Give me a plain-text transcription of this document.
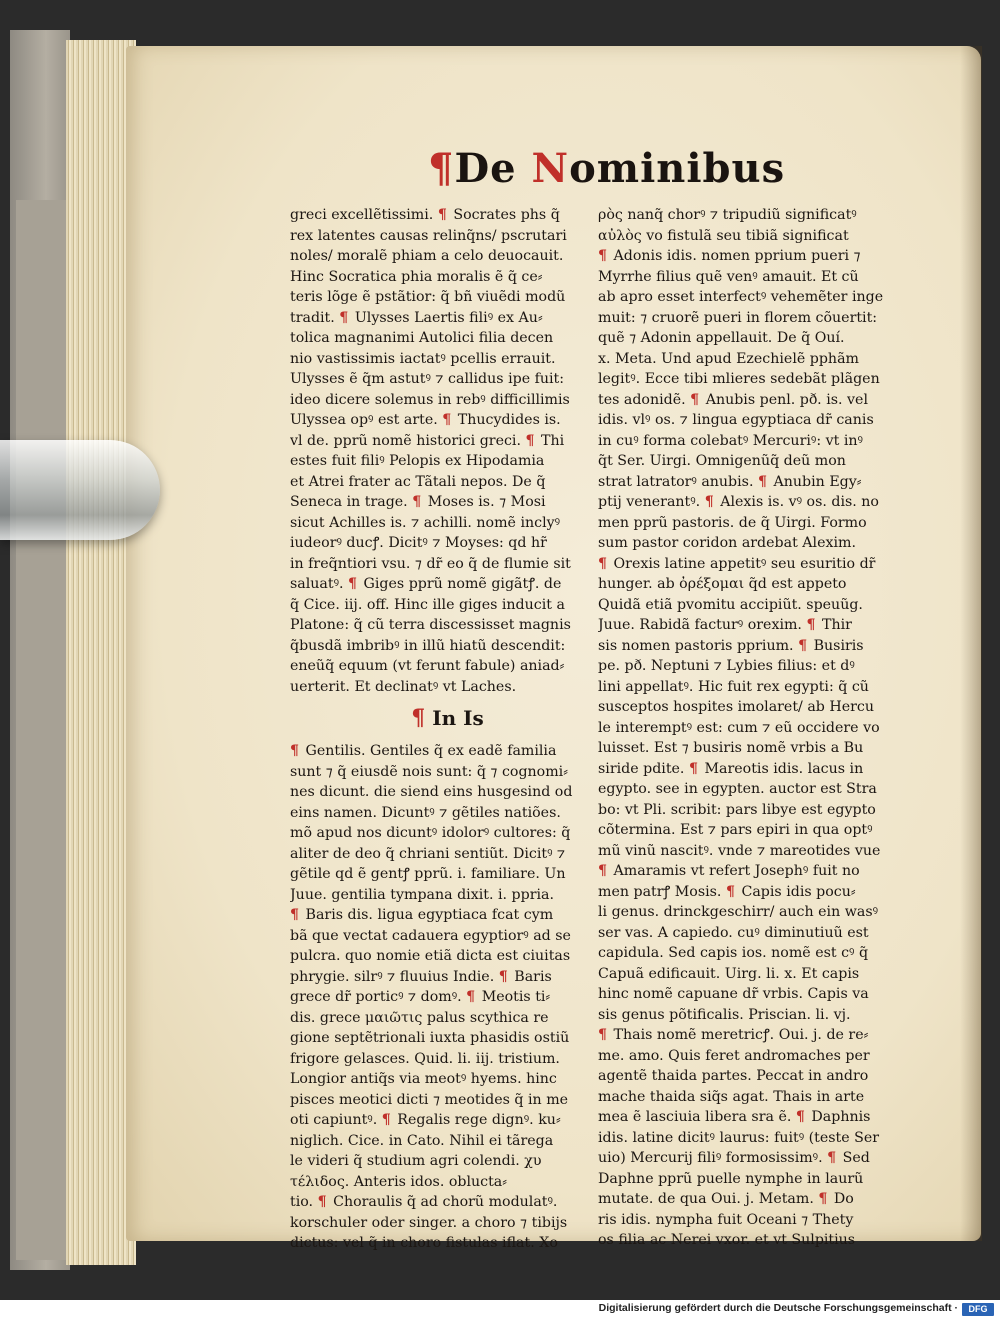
¶De Nominibus
greci excellẽtissimi. ¶ Socrates phs q̃
rex latentes causas relinq̃ns/ pscrutari
noles/ moralẽ phiam a celo deuocauit.
Hinc Socratica phia moralis ẽ q̃ ce⸗
teris lõge ẽ pstãtior: q̃ bñ viuẽdi modũ
tradit. ¶ Ulysses Laertis filiꝰ ex Au⸗
tolica magnanimi Autolici filia decen
nio vastissimis iactatꝰ pcellis errauit.
Ulysses ẽ q̃m astutꝰ ⁊ callidus ipe fuit:
ideo dicere solemus in rebꝰ difficillimis
Ulyssea opꝰ est arte. ¶ Thucydides is.
vl de. pprũ nomẽ historici greci. ¶ Thi
estes fuit filiꝰ Pelopis ex Hipodamia
et Atrei frater ac Tãtali nepos. De q̃
Seneca in trage. ¶ Moses is. ⁊ Mosi
sicut Achilles is. ⁊ achilli. nomẽ inclyꝰ
iudeorꝰ ducꝭ. Dicitꝰ ⁊ Moyses: qd hr̃
in freq̃ntiori vsu. ⁊ dr̃ eo q̃ de flumie sit
saluatꝰ. ¶ Giges pprũ nomẽ gigãtꝭ. de
q̃ Cice. iij. off. Hinc ille giges inducit a
Platone: q̃ cũ terra discessisset magnis
q̃busdã imbribꝰ in illũ hiatũ descendit:
eneũq̃ equum (vt ferunt fabule) aniad⸗
uerterit. Et declinatꝰ vt Laches.
¶ In Is
¶ Gentilis. Gentiles q̃ ex eadẽ familia
sunt ⁊ q̃ eiusdẽ nois sunt: q̃ ⁊ cognomi⸗
nes dicunt. die siend eins husgesind od
eins namen. Dicuntꝰ ⁊ gẽtiles natiões.
mõ apud nos dicuntꝰ idolorꝰ cultores: q̃
aliter de deo q̃ chriani sentiũt. Dicitꝰ ⁊
gẽtile qd ẽ gentꝭ pprũ. i. familiare. Un
Juue. gentilia tympana dixit. i. ppria.
¶ Baris dis. ligua egyptiaca fcat cym
bã que vectat cadauera egyptiorꝰ ad se
pulcra. quo nomie etiã dicta est ciuitas
phrygie. silrꝰ ⁊ fluuius Indie. ¶ Baris
grece dr̃ porticꝰ ⁊ domꝰ. ¶ Meotis ti⸗
dis. grece μαιῶτις palus scythica re
gione septẽtrionali iuxta phasidis ostiũ
frigore gelasces. Quid. li. iij. tristium.
Longior antiq̃s via meotꝰ hyems. hinc
pisces meotici dicti ⁊ meotides q̃ in me
oti capiuntꝰ. ¶ Regalis rege dignꝰ. ku⸗
niglich. Cice. in Cato. Nihil ei tãrega
le videri q̃ studium agri colendi. χυ
τέλιδος. Anteris idos. oblucta⸗
tio. ¶ Choraulis q̃ ad chorũ modulatꝰ.
korschuler oder singer. a choro ⁊ tibijs
dictus: vel q̃ in choro fistulas iflat. Χο
ρὸς nanq̃ chorꝰ ⁊ tripudiũ significatꝰ
αὐλὸς vo fistulã seu tibiã significat
¶ Adonis idis. nomen pprium pueri ⁊
Myrrhe filius quẽ venꝰ amauit. Et cũ
ab apro esset interfectꝰ vehemẽter inge
muit: ⁊ cruorẽ pueri in florem cõuertit:
quẽ ⁊ Adonin appellauit. De q̃ Ouí.
x. Meta. Und apud Ezechielẽ pphãm
legitꝰ. Ecce tibi mlieres sedebãt plãgen
tes adonidẽ. ¶ Anubis penl. pð. is. vel
idis. vlꝰ os. ⁊ lingua egyptiaca dr̃ canis
in cuꝰ forma colebatꝰ Mercuriꝰ: vt inꝰ
q̃t Ser. Uirgi. Omnigenũq̃ deũ mon
strat latratorꝰ anubis. ¶ Anubin Egy⸗
ptij venerantꝰ. ¶ Alexis is. vꝰ os. dis. no
men pprũ pastoris. de q̃ Uirgi. Formo
sum pastor coridon ardebat Alexim.
¶ Orexis latine appetitꝰ seu esuritio dr̃
hunger. ab ὀρέξομαι q̃d est appeto
Quidã etiã pvomitu accipiũt. speuũg.
Juue. Rabidã facturꝰ orexim. ¶ Thir
sis nomen pastoris pprium. ¶ Busiris
pe. pð. Neptuni ⁊ Lybies filius: et dꝰ
lini appellatꝰ. Hic fuit rex egypti: q̃ cũ
susceptos hospites imolaret/ ab Hercu
le interemptꝰ est: cum ⁊ eũ occidere vo
luisset. Est ⁊ busiris nomẽ vrbis a Bu
siride pdite. ¶ Mareotis idis. lacus in
egypto. see in egypten. auctor est Stra
bo: vt Pli. scribit: pars libye est egypto
cõtermina. Est ⁊ pars epiri in qua optꝰ
mũ vinũ nascitꝰ. vnde ⁊ mareotides vue
¶ Amaramis vt refert Josephꝰ fuit no
men patrꝭ Mosis. ¶ Capis idis pocu⸗
li genus. drinckgeschirr/ auch ein wasꝰ
ser vas. A capiedo. cuꝰ diminutiuũ est
capidula. Sed capis ios. nomẽ est cꝰ q̃
Capuã edificauit. Uirg. li. x. Et capis
hinc nomẽ capuane dr̃ vrbis. Capis va
sis genus põtificalis. Priscian. li. vj.
¶ Thais nomẽ meretricꝭ. Oui. j. de re⸗
me. amo. Quis feret andromaches per
agentẽ thaida partes. Peccat in andro
mache thaida siq̃s agat. Thais in arte
mea ẽ lasciuia libera sra ẽ. ¶ Daphnis
idis. latine dicitꝰ laurus: fuitꝰ (teste Ser
uio) Mercurij filiꝰ formosissimꝰ. ¶ Sed
Daphne pprũ puelle nymphe in laurũ
mutate. de qua Oui. j. Metam. ¶ Do
ris idis. nympha fuit Oceani ⁊ Thety
os filia ac Nerei vxor. et vt Sulpitius
Digitalisierung gefördert durch die Deutsche Forschungsgemeinschaft ·	DFG
